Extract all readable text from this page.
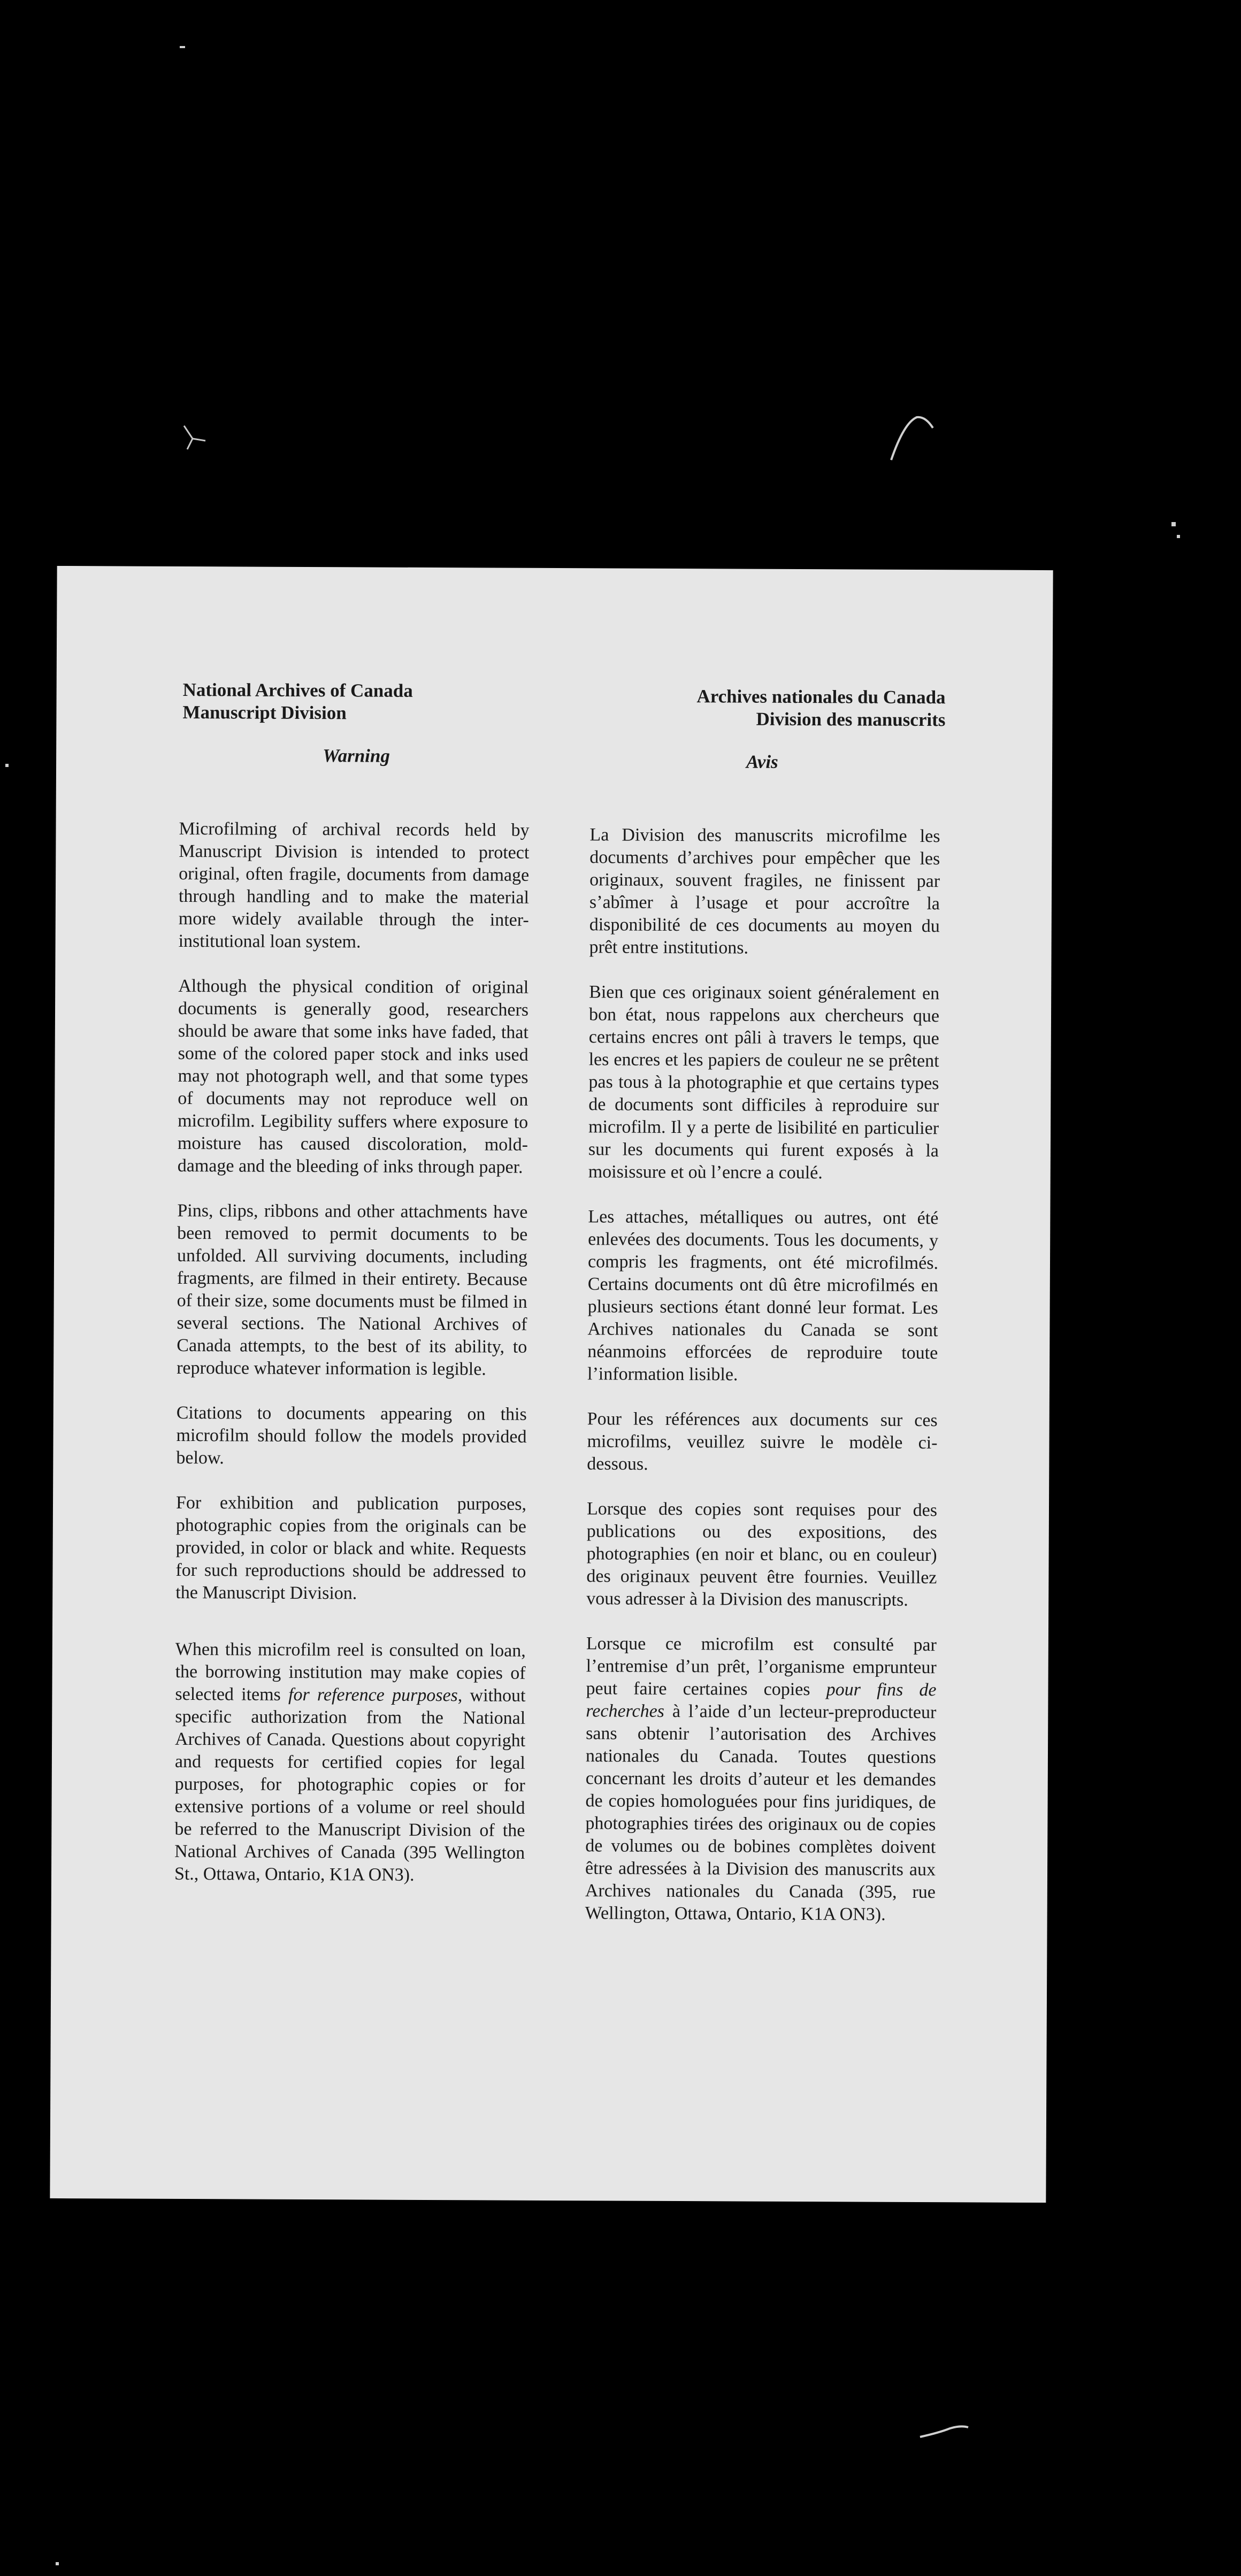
National Archives of Canada
Manuscript Division
Archives nationales du Canada
Division des manuscrits
Warning	Avis

Microfilming of archival records held by Manuscript Division is intended to protect original, often fragile, documents from damage through handling and to make the material more widely available through the inter-institutional loan system.

Although the physical condition of original documents is generally good, researchers should be aware that some inks have faded, that some of the colored paper stock and inks used may not photograph well, and that some types of documents may not reproduce well on microfilm. Legibility suffers where exposure to moisture has caused discoloration, mold-damage and the bleeding of inks through paper.

Pins, clips, ribbons and other attachments have been removed to permit documents to be unfolded. All surviving documents, including fragments, are filmed in their entirety. Because of their size, some documents must be filmed in several sections. The National Archives of Canada attempts, to the best of its ability, to reproduce whatever information is legible.

Citations to documents appearing on this microfilm should follow the models provided below.

For exhibition and publication purposes, photographic copies from the originals can be provided, in color or black and white. Requests for such reproductions should be addressed to the Manuscript Division.

When this microfilm reel is consulted on loan, the borrowing institution may make copies of selected items for reference purposes, without specific authorization from the National Archives of Canada. Questions about copyright and requests for certified copies for legal purposes, for photographic copies or for extensive portions of a volume or reel should be referred to the Manuscript Division of the National Archives of Canada (395 Wellington St., Ottawa, Ontario, K1A ON3).

La Division des manuscrits microfilme les documents d’archives pour empêcher que les originaux, souvent fragiles, ne finissent par s’abîmer à l’usage et pour accroître la disponibilité de ces documents au moyen du prêt entre institutions.

Bien que ces originaux soient généralement en bon état, nous rappelons aux chercheurs que certains encres ont pâli à travers le temps, que les encres et les papiers de couleur ne se prêtent pas tous à la photographie et que certains types de documents sont difficiles à reproduire sur microfilm. Il y a perte de lisibilité en particulier sur les documents qui furent exposés à la moisissure et où l’encre a coulé.

Les attaches, métalliques ou autres, ont été enlevées des documents. Tous les documents, y compris les fragments, ont été microfilmés. Certains documents ont dû être microfilmés en plusieurs sections étant donné leur format. Les Archives nationales du Canada se sont néanmoins efforcées de reproduire toute l’information lisible.

Pour les références aux documents sur ces microfilms, veuillez suivre le modèle ci-dessous.

Lorsque des copies sont requises pour des publications ou des expositions, des photographies (en noir et blanc, ou en couleur) des originaux peuvent être fournies. Veuillez vous adresser à la Division des manuscripts.

Lorsque ce microfilm est consulté par l’entremise d’un prêt, l’organisme emprunteur peut faire certaines copies pour fins de recherches à l’aide d’un lecteur-preproducteur sans obtenir l’autorisation des Archives nationales du Canada. Toutes questions concernant les droits d’auteur et les demandes de copies homologuées pour fins juridiques, de photographies tirées des originaux ou de copies de volumes ou de bobines complètes doivent être adressées à la Division des manuscrits aux Archives nationales du Canada (395, rue Wellington, Ottawa, Ontario, K1A ON3).
